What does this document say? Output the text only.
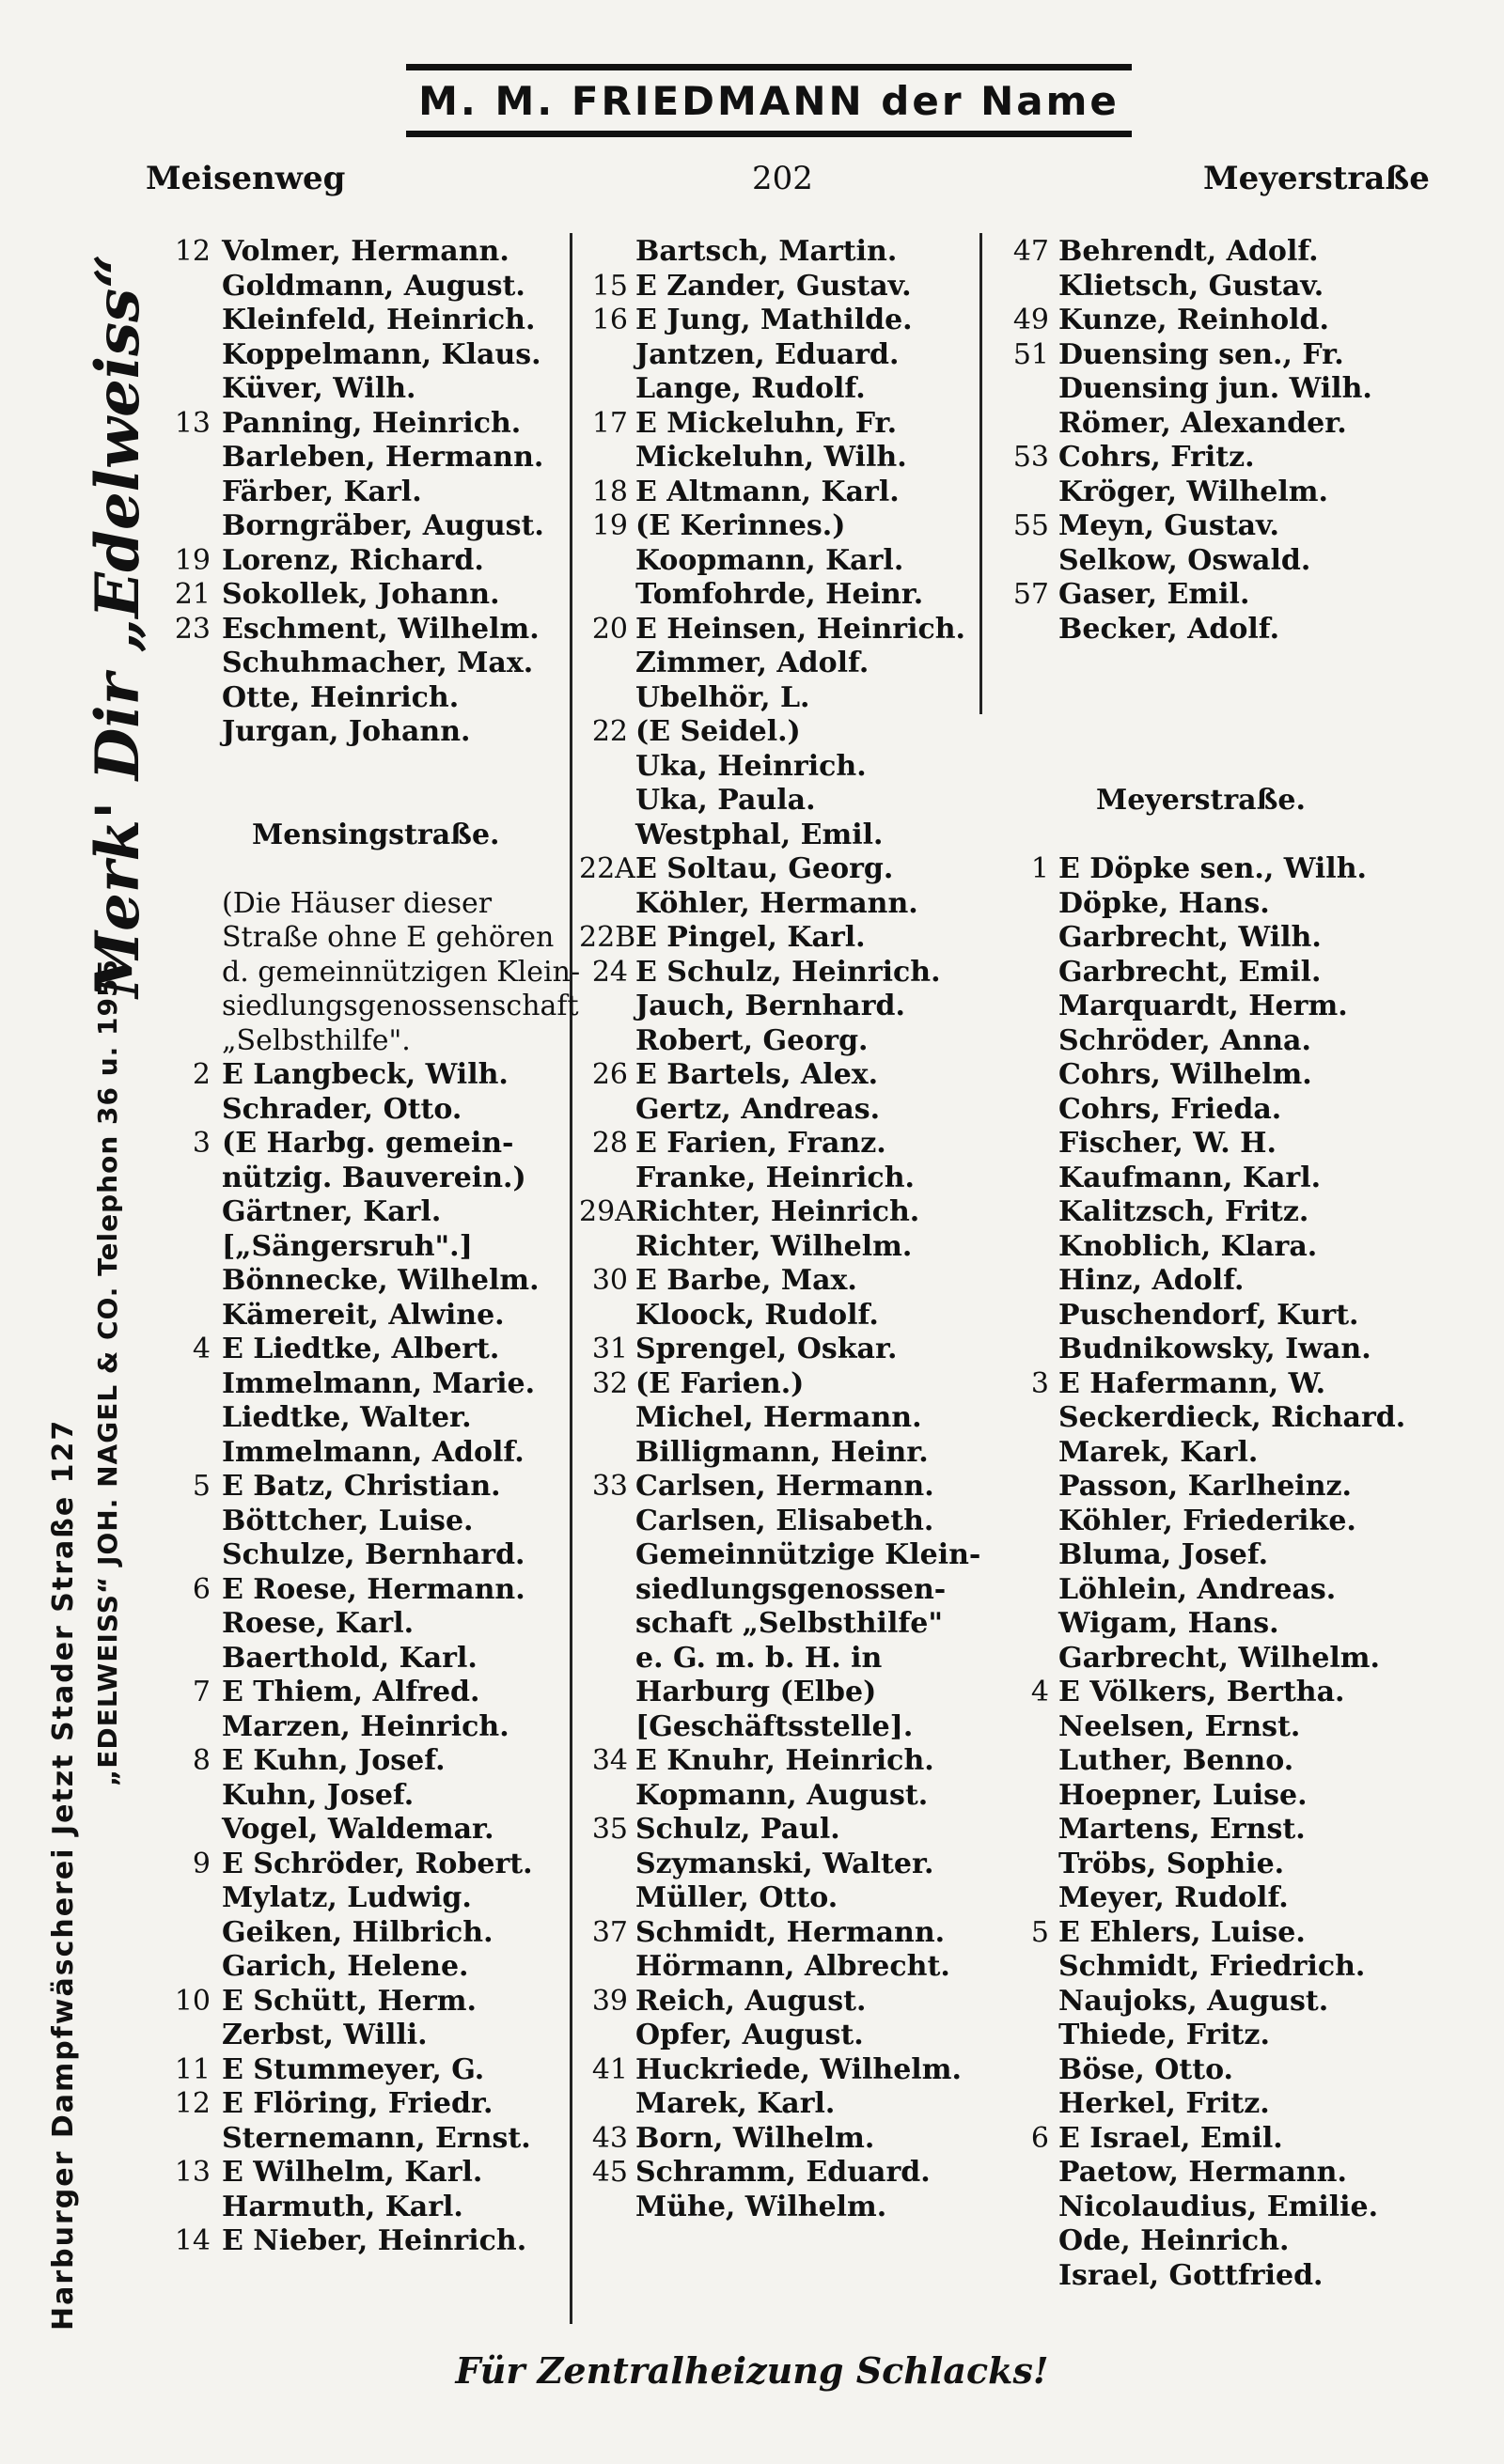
M. M. FRIEDMANN der Name
Meisenweg	202	Meyerstraße
Harburger Dampfwäscherei Jetzt Stader Straße 127
„EDELWEISS“ JOH. NAGEL & CO. Telephon 36 u. 1955
Merk' Dir „Edelweiss“
12 Volmer, Hermann.
Goldmann, August.
Kleinfeld, Heinrich.
Koppelmann, Klaus.
Küver, Wilh.
13 Panning, Heinrich.
Barleben, Hermann.
Färber, Karl.
Borngräber, August.
19 Lorenz, Richard.
21 Sokollek, Johann.
23 Eschment, Wilhelm.
Schuhmacher, Max.
Otte, Heinrich.
Jurgan, Johann.
Mensingstraße.
(Die Häuser dieser
Straße ohne E gehören
d. gemeinnützigen Klein-
siedlungsgenossenschaft
„Selbsthilfe".
2 E Langbeck, Wilh.
Schrader, Otto.
3 (E Harbg. gemein-
nützig. Bauverein.)
Gärtner, Karl.
[„Sängersruh".]
Bönnecke, Wilhelm.
Kämereit, Alwine.
4 E Liedtke, Albert.
Immelmann, Marie.
Liedtke, Walter.
Immelmann, Adolf.
5 E Batz, Christian.
Böttcher, Luise.
Schulze, Bernhard.
6 E Roese, Hermann.
Roese, Karl.
Baerthold, Karl.
7 E Thiem, Alfred.
Marzen, Heinrich.
8 E Kuhn, Josef.
Kuhn, Josef.
Vogel, Waldemar.
9 E Schröder, Robert.
Mylatz, Ludwig.
Geiken, Hilbrich.
Garich, Helene.
10 E Schütt, Herm.
Zerbst, Willi.
11 E Stummeyer, G.
12 E Flöring, Friedr.
Sternemann, Ernst.
13 E Wilhelm, Karl.
Harmuth, Karl.
14 E Nieber, Heinrich.
Bartsch, Martin.
15 E Zander, Gustav.
16 E Jung, Mathilde.
Jantzen, Eduard.
Lange, Rudolf.
17 E Mickeluhn, Fr.
Mickeluhn, Wilh.
18 E Altmann, Karl.
19 (E Kerinnes.)
Koopmann, Karl.
Tomfohrde, Heinr.
20 E Heinsen, Heinrich.
Zimmer, Adolf.
Ubelhör, L.
22 (E Seidel.)
Uka, Heinrich.
Uka, Paula.
Westphal, Emil.
22A E Soltau, Georg.
Köhler, Hermann.
22B E Pingel, Karl.
24 E Schulz, Heinrich.
Jauch, Bernhard.
Robert, Georg.
26 E Bartels, Alex.
Gertz, Andreas.
28 E Farien, Franz.
Franke, Heinrich.
29A Richter, Heinrich.
Richter, Wilhelm.
30 E Barbe, Max.
Kloock, Rudolf.
31 Sprengel, Oskar.
32 (E Farien.)
Michel, Hermann.
Billigmann, Heinr.
33 Carlsen, Hermann.
Carlsen, Elisabeth.
Gemeinnützige Klein-
siedlungsgenossen-
schaft „Selbsthilfe"
e. G. m. b. H. in
Harburg (Elbe)
[Geschäftsstelle].
34 E Knuhr, Heinrich.
Kopmann, August.
35 Schulz, Paul.
Szymanski, Walter.
Müller, Otto.
37 Schmidt, Hermann.
Hörmann, Albrecht.
39 Reich, August.
Opfer, August.
41 Huckriede, Wilhelm.
Marek, Karl.
43 Born, Wilhelm.
45 Schramm, Eduard.
Mühe, Wilhelm.
47 Behrendt, Adolf.
Klietsch, Gustav.
49 Kunze, Reinhold.
51 Duensing sen., Fr.
Duensing jun. Wilh.
Römer, Alexander.
53 Cohrs, Fritz.
Kröger, Wilhelm.
55 Meyn, Gustav.
Selkow, Oswald.
57 Gaser, Emil.
Becker, Adolf.
Meyerstraße.
1 E Döpke sen., Wilh.
Döpke, Hans.
Garbrecht, Wilh.
Garbrecht, Emil.
Marquardt, Herm.
Schröder, Anna.
Cohrs, Wilhelm.
Cohrs, Frieda.
Fischer, W. H.
Kaufmann, Karl.
Kalitzsch, Fritz.
Knoblich, Klara.
Hinz, Adolf.
Puschendorf, Kurt.
Budnikowsky, Iwan.
3 E Hafermann, W.
Seckerdieck, Richard.
Marek, Karl.
Passon, Karlheinz.
Köhler, Friederike.
Bluma, Josef.
Löhlein, Andreas.
Wigam, Hans.
Garbrecht, Wilhelm.
4 E Völkers, Bertha.
Neelsen, Ernst.
Luther, Benno.
Hoepner, Luise.
Martens, Ernst.
Tröbs, Sophie.
Meyer, Rudolf.
5 E Ehlers, Luise.
Schmidt, Friedrich.
Naujoks, August.
Thiede, Fritz.
Böse, Otto.
Herkel, Fritz.
6 E Israel, Emil.
Paetow, Hermann.
Nicolaudius, Emilie.
Ode, Heinrich.
Israel, Gottfried.
Für Zentralheizung Schlacks!
